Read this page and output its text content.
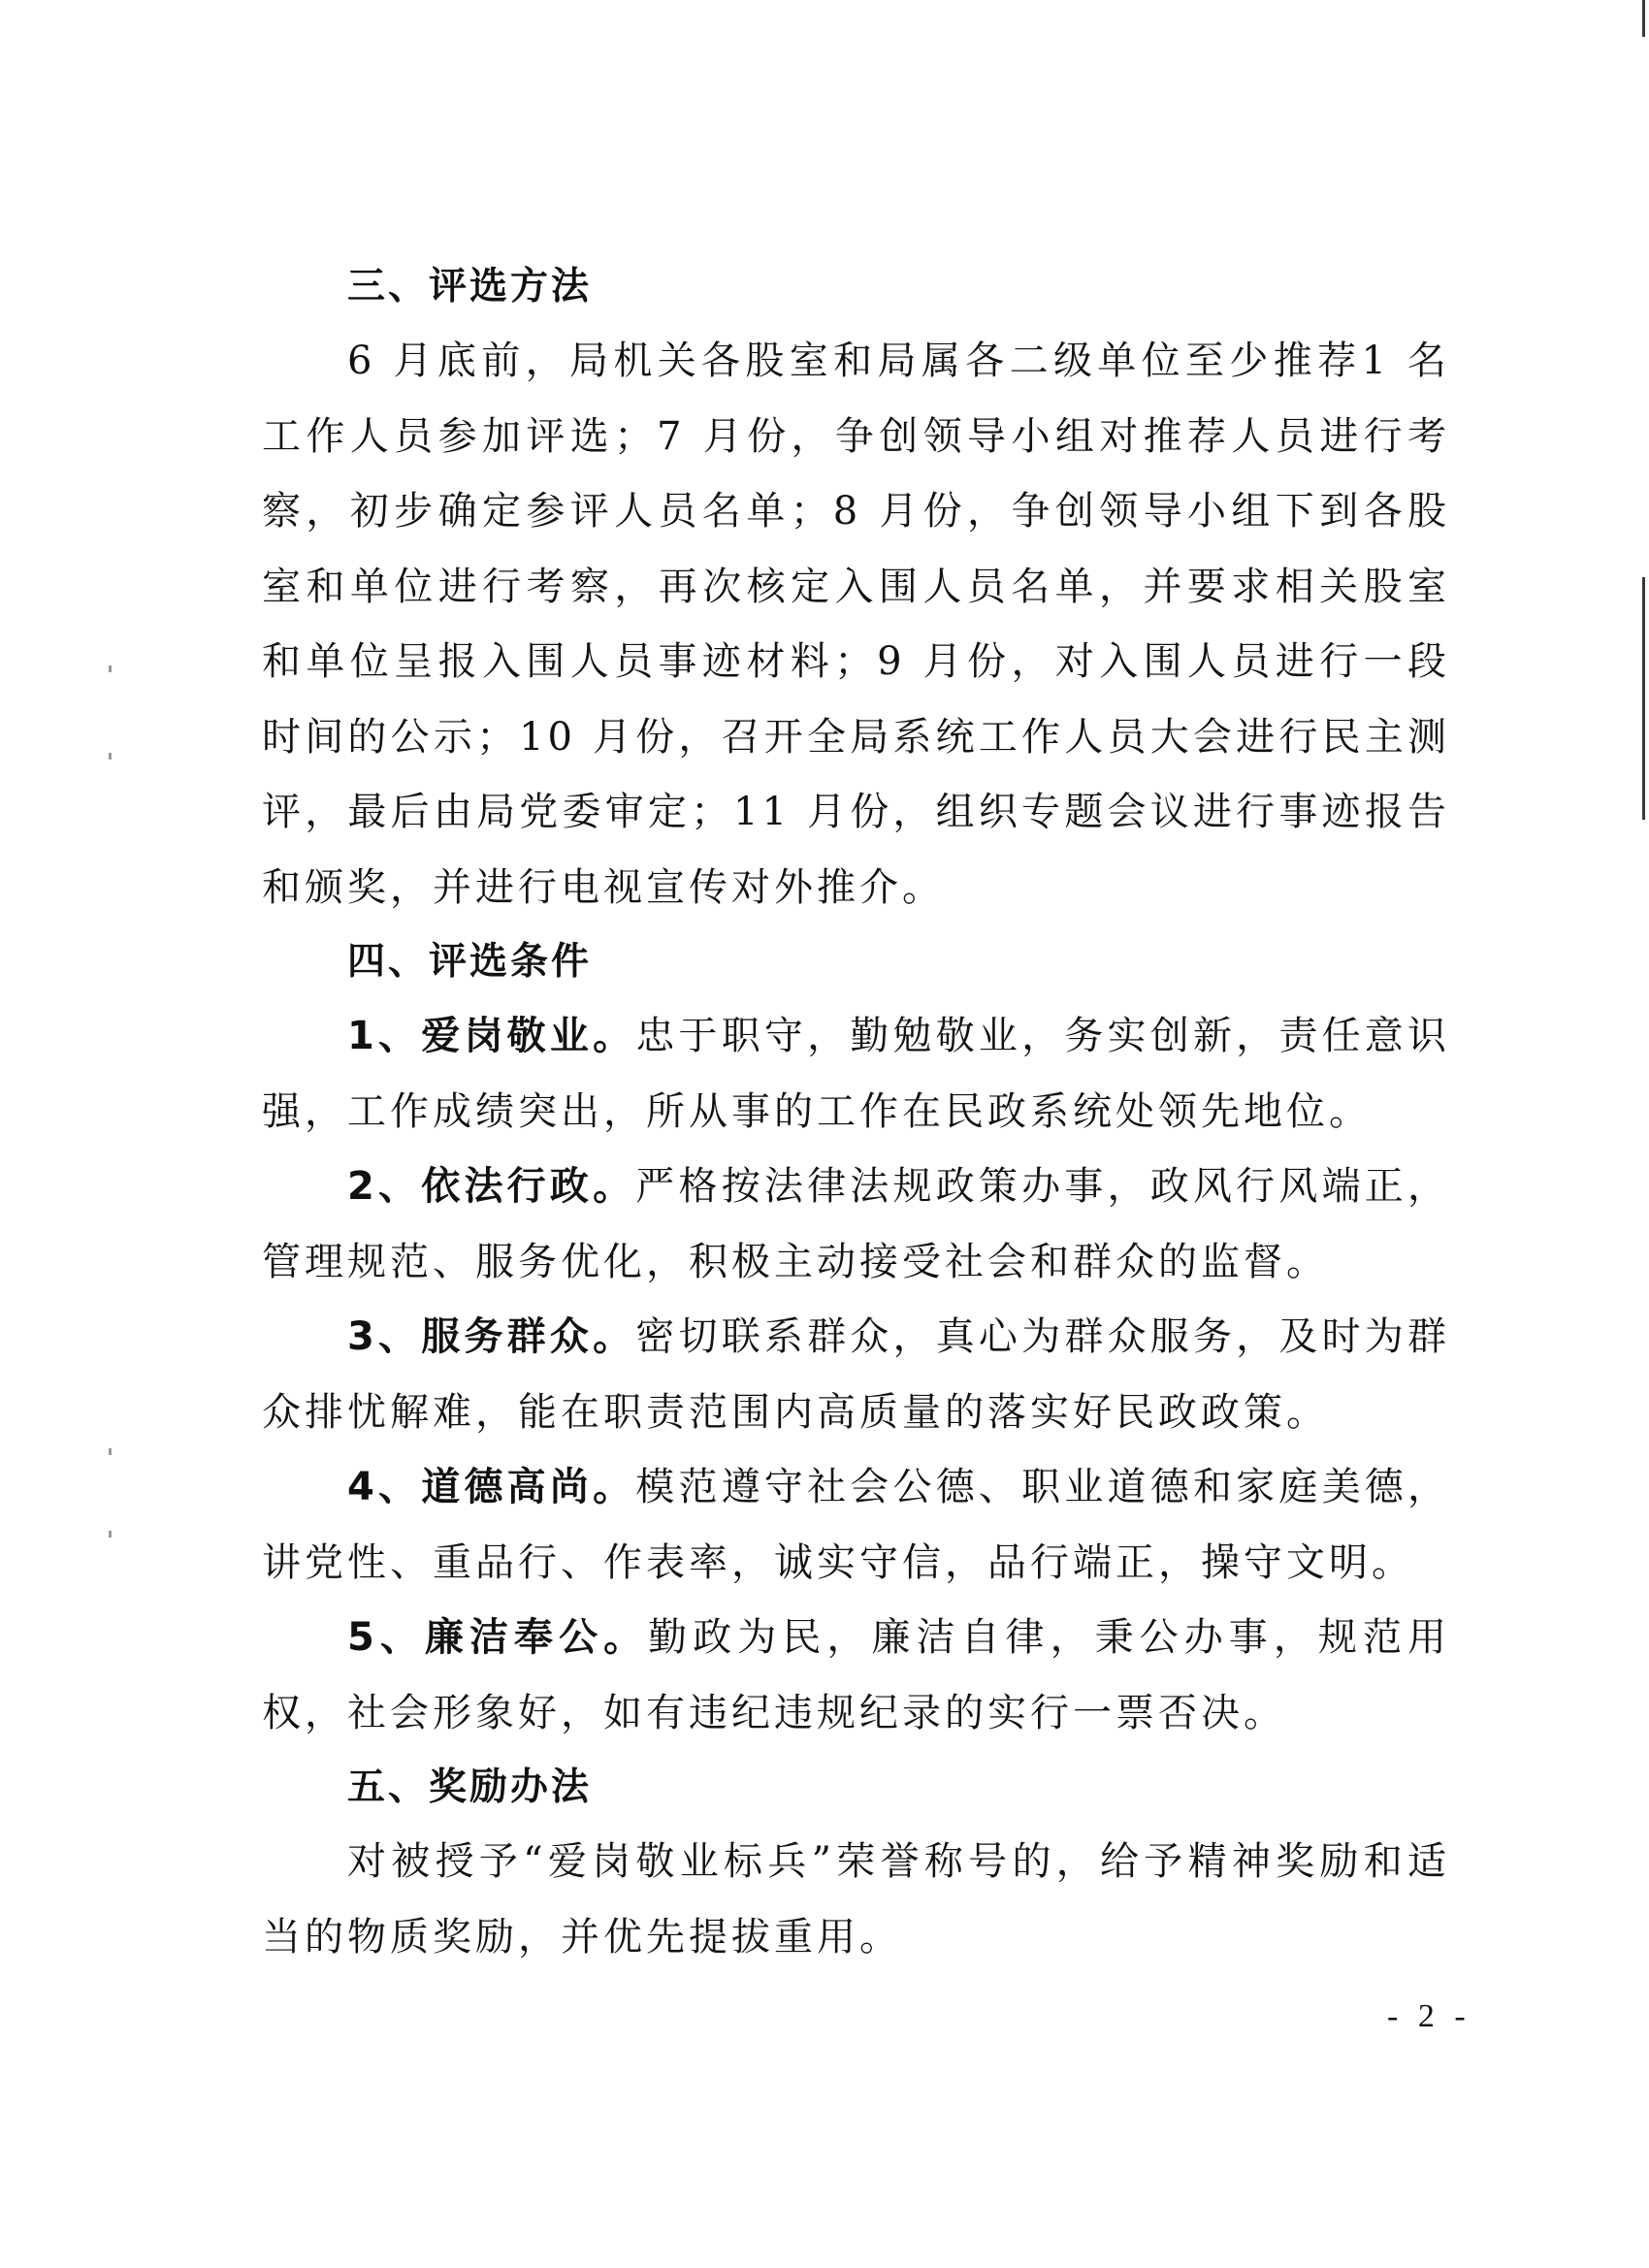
三、评选方法
6 月底前，局机关各股室和局属各二级单位至少推荐1 名工作人员参加评选；7 月份，争创领导小组对推荐人员进行考察，初步确定参评人员名单；8 月份，争创领导小组下到各股室和单位进行考察，再次核定入围人员名单，并要求相关股室和单位呈报入围人员事迹材料；9 月份，对入围人员进行一段时间的公示；10 月份，召开全局系统工作人员大会进行民主测评，最后由局党委审定；11 月份，组织专题会议进行事迹报告和颁奖，并进行电视宣传对外推介。
四、评选条件
1、爱岗敬业。忠于职守，勤勉敬业，务实创新，责任意识强，工作成绩突出，所从事的工作在民政系统处领先地位。
2、依法行政。严格按法律法规政策办事，政风行风端正，管理规范、服务优化，积极主动接受社会和群众的监督。
3、服务群众。密切联系群众，真心为群众服务，及时为群众排忧解难，能在职责范围内高质量的落实好民政政策。
4、道德高尚。模范遵守社会公德、职业道德和家庭美德，讲党性、重品行、作表率，诚实守信，品行端正，操守文明。
5、廉洁奉公。勤政为民，廉洁自律，秉公办事，规范用权，社会形象好，如有违纪违规纪录的实行一票否决。
五、奖励办法
对被授予“爱岗敬业标兵”荣誉称号的，给予精神奖励和适当的物质奖励，并优先提拔重用。
- 2 -
